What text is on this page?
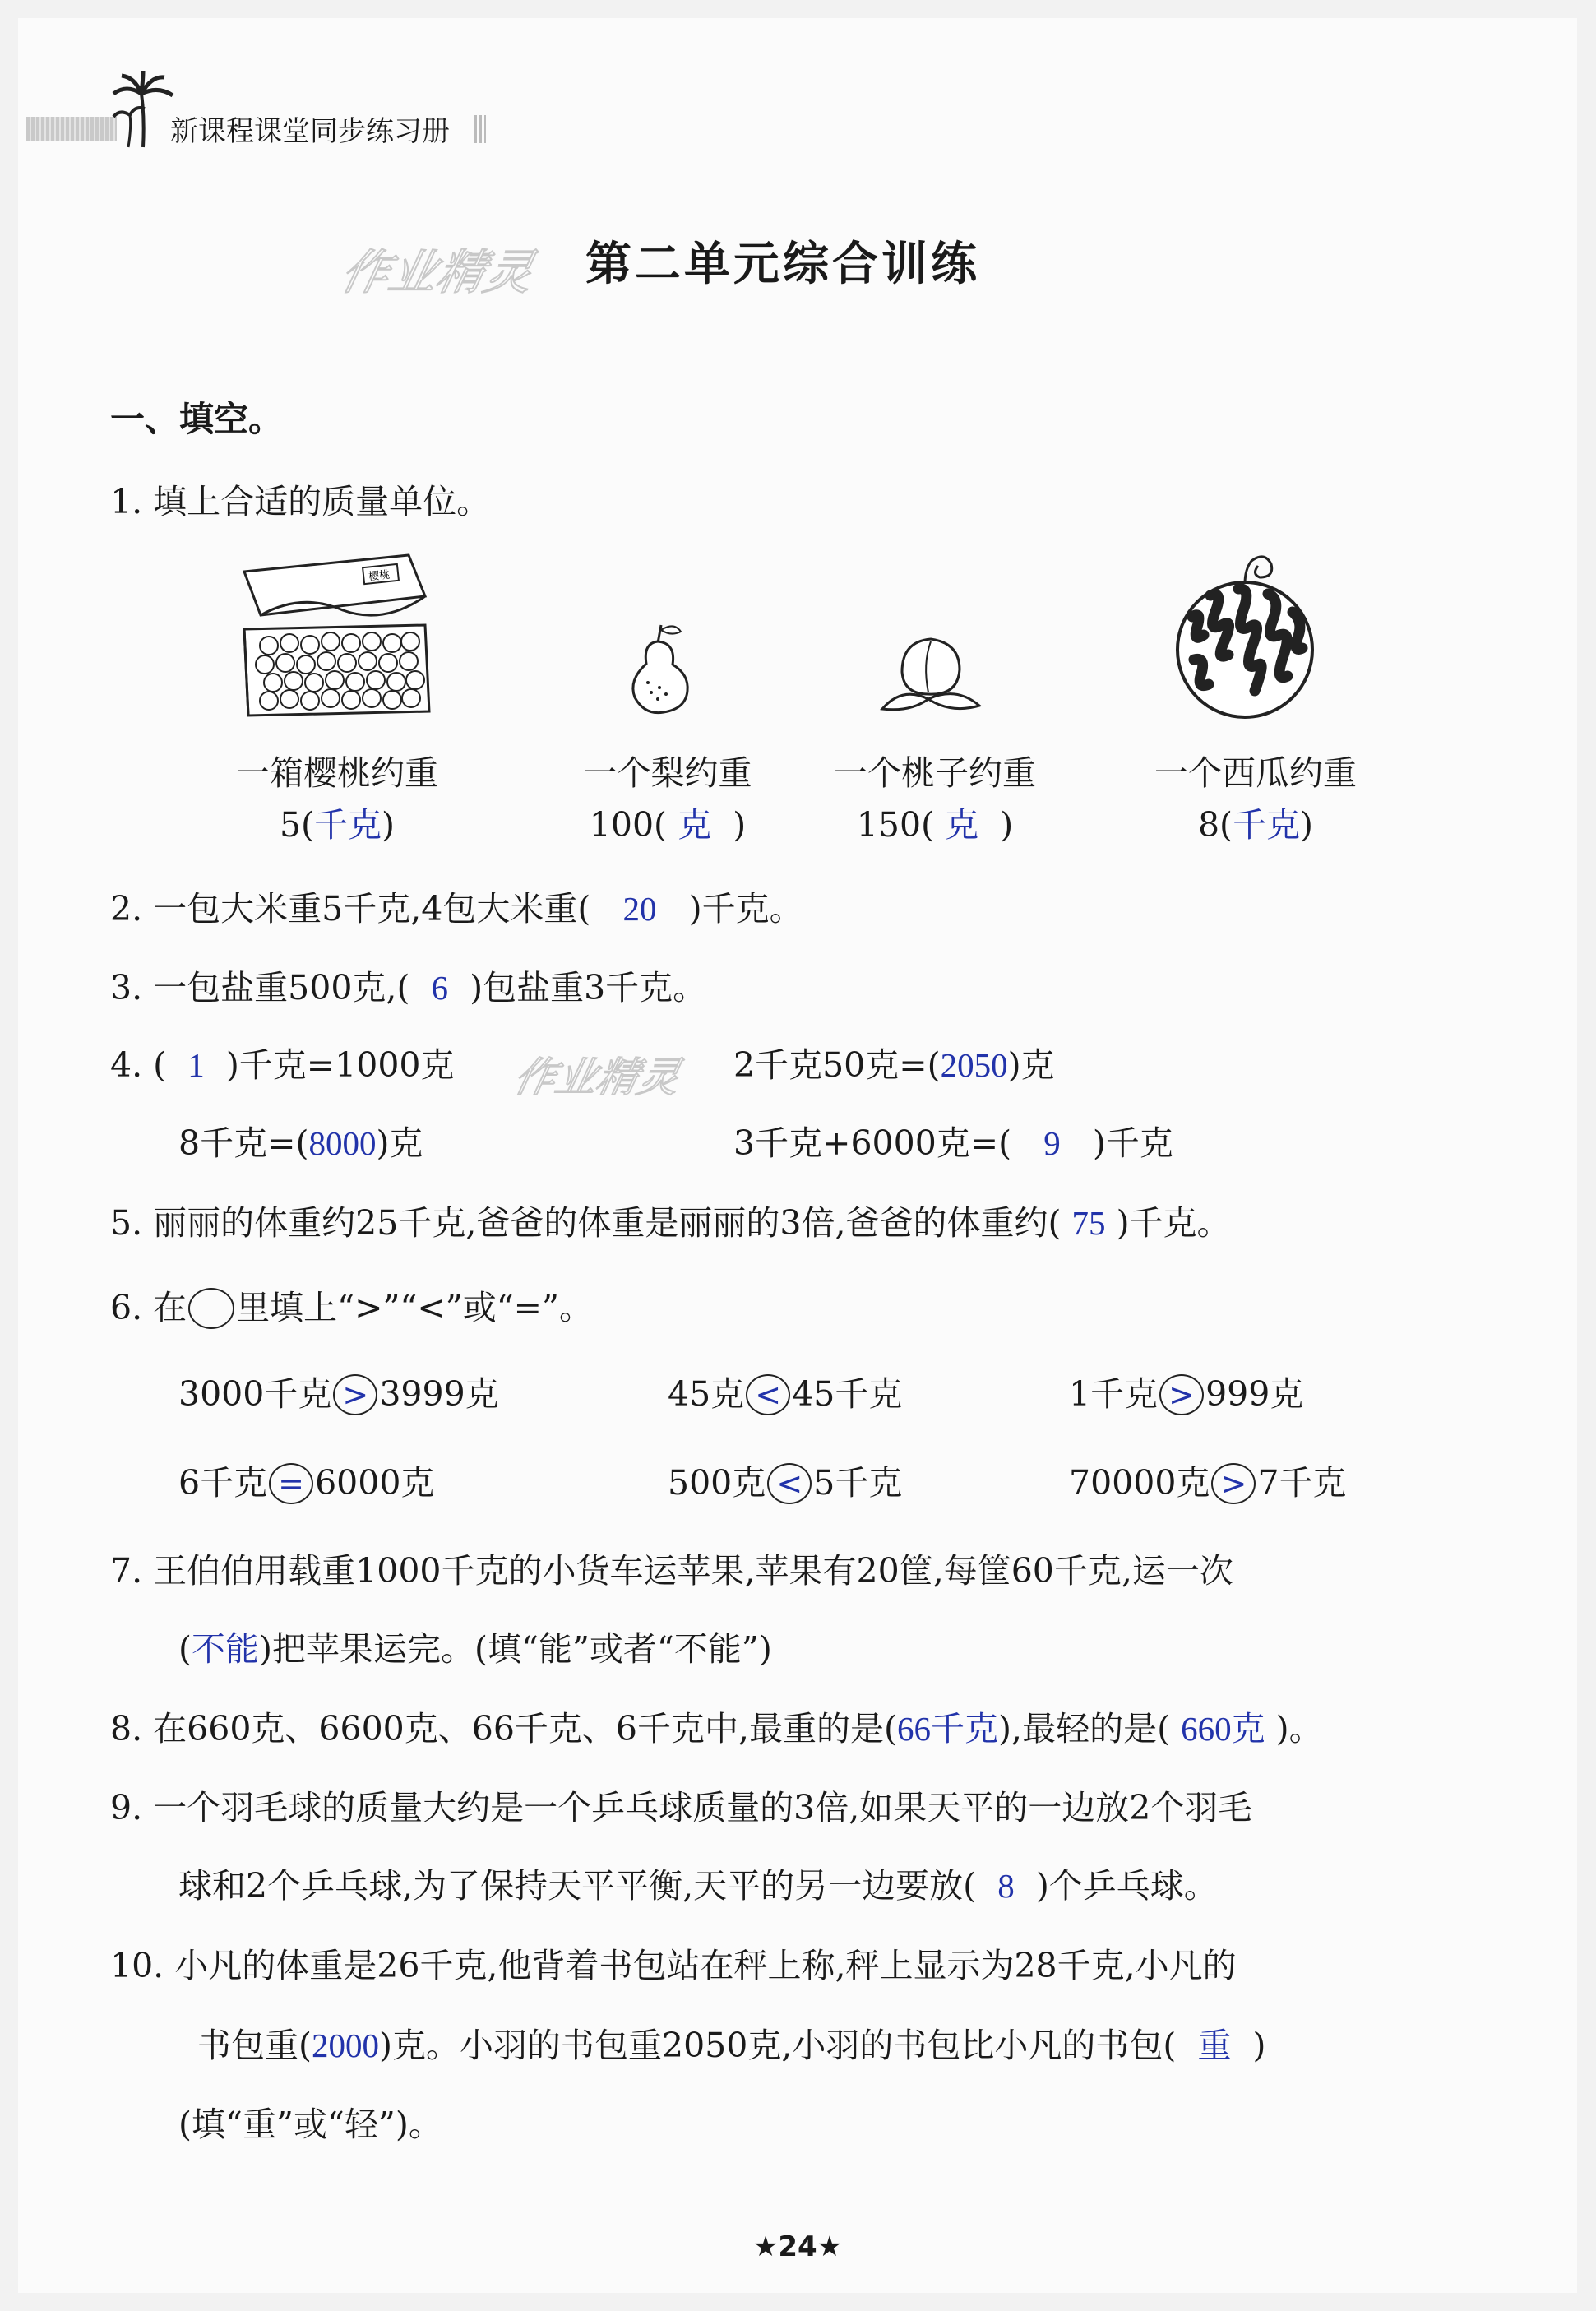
新课程课堂同步练习册
作业精灵 第二单元综合训练
一、填空。
1. 填上合适的质量单位。
樱桃
一箱樱桃约重
5(千克)
一个梨约重
100( 克 )
一个桃子约重
150( 克 )
一个西瓜约重
8(千克)
2. 一包大米重5千克,4包大米重( 20 )千克。
3. 一包盐重500克,( 6 )包盐重3千克。
4. ( 1 )千克=1000克 作业精灵 2千克50克=(2050)克
8千克=(8000)克	3千克+6000克=( 9 )千克
5. 丽丽的体重约25千克,爸爸的体重是丽丽的3倍,爸爸的体重约( 75 )千克。
6. 在 里填上“>”“<”或“=”。
3000千克 > 3999克	45克 < 45千克	1千克 > 999克
6千克 = 6000克	500克 < 5千克	70000克 > 7千克
7. 王伯伯用载重1000千克的小货车运苹果,苹果有20筐,每筐60千克,运一次
(不能)把苹果运完。(填“能”或者“不能”)
8. 在660克、6600克、66千克、6千克中,最重的是(66千克),最轻的是( 660克 )。
9. 一个羽毛球的质量大约是一个乒乓球质量的3倍,如果天平的一边放2个羽毛
球和2个乒乓球,为了保持天平平衡,天平的另一边要放( 8 )个乒乓球。
10. 小凡的体重是26千克,他背着书包站在秤上称,秤上显示为28千克,小凡的
书包重(2000)克。小羽的书包重2050克,小羽的书包比小凡的书包( 重 )
(填“重”或“轻”)。
★24★
